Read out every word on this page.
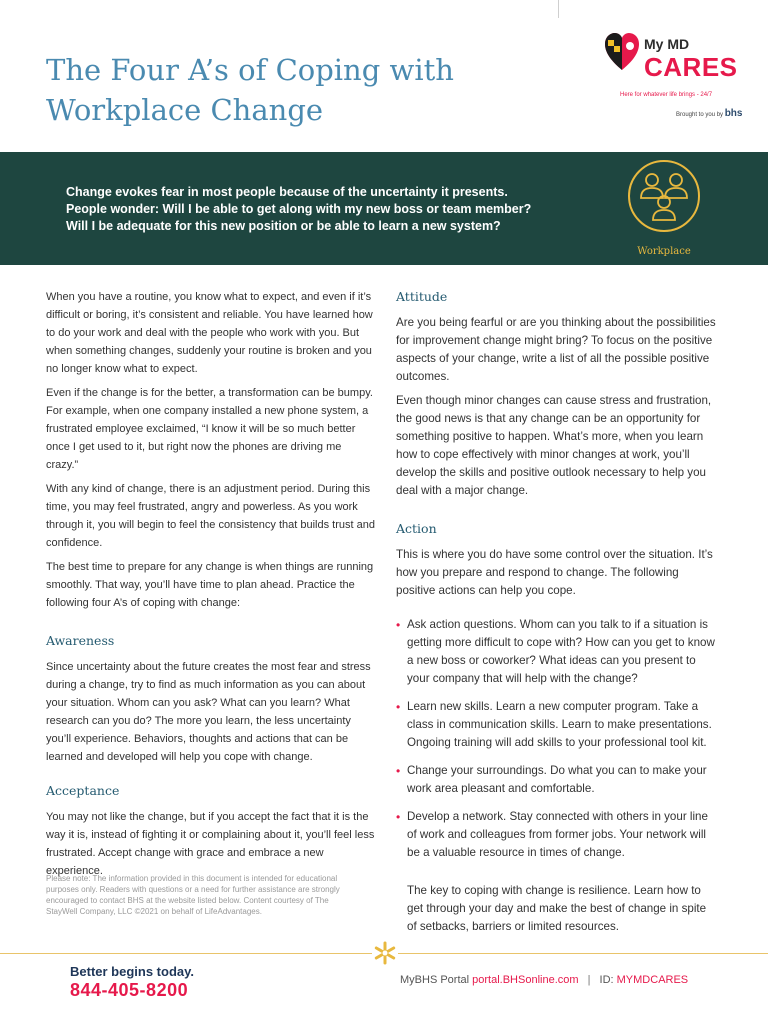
The Four A’s of Coping with
Workplace Change
My MD
CARES
Here for whatever life brings - 24/7
Brought to you by bhs

Change evokes fear in most people because of the uncertainty it presents. People wonder: Will I be able to get along with my new boss or team member? Will I be adequate for this new position or be able to learn a new system?

Workplace

When you have a routine, you know what to expect, and even if it’s difficult or boring, it’s consistent and reliable. You have learned how to do your work and deal with the people who work with you. But when something changes, suddenly your routine is broken and you no longer know what to expect.

Even if the change is for the better, a transformation can be bumpy. For example, when one company installed a new phone system, a frustrated employee exclaimed, “I know it will be so much better once I get used to it, but right now the phones are driving me crazy.”

With any kind of change, there is an adjustment period. During this time, you may feel frustrated, angry and powerless. As you work through it, you will begin to feel the consistency that builds trust and confidence.

The best time to prepare for any change is when things are running smoothly. That way, you’ll have time to plan ahead. Practice the following four A’s of coping with change:

Awareness

Since uncertainty about the future creates the most fear and stress during a change, try to find as much information as you can about your situation. Whom can you ask? What can you learn? What research can you do? The more you learn, the less uncertainty you’ll experience. Behaviors, thoughts and actions that can be learned and developed will help you cope with change.

Acceptance

You may not like the change, but if you accept the fact that it is the way it is, instead of fighting it or complaining about it, you’ll feel less frustrated. Accept change with grace and embrace a new experience.

Attitude

Are you being fearful or are you thinking about the possibilities for improvement change might bring? To focus on the positive aspects of your change, write a list of all the possible positive outcomes.

Even though minor changes can cause stress and frustration, the good news is that any change can be an opportunity for something positive to happen. What’s more, when you learn how to cope effectively with minor changes at work, you’ll develop the skills and positive outlook necessary to help you deal with a major change.

Action

This is where you do have some control over the situation. It’s how you prepare and respond to change. The following positive actions can help you cope.

• Ask action questions. Whom can you talk to if a situation is getting more difficult to cope with? How can you get to know a new boss or coworker? What ideas can you present to your company that will help with the change?
• Learn new skills. Learn a new computer program. Take a class in communication skills. Learn to make presentations. Ongoing training will add skills to your professional tool kit.
• Change your surroundings. Do what you can to make your work area pleasant and comfortable.
• Develop a network. Stay connected with others in your line of work and colleagues from former jobs. Your network will be a valuable resource in times of change.

The key to coping with change is resilience. Learn how to get through your day and make the best of change in spite of setbacks, barriers or limited resources.

Please note: The information provided in this document is intended for educational purposes only. Readers with questions or a need for further assistance are strongly encouraged to contact BHS at the website listed below. Content courtesy of The StayWell Company, LLC ©2021 on behalf of LifeAdvantages.

Better begins today.
844-405-8200	MyBHS Portal portal.BHSonline.com | ID: MYMDCARES
